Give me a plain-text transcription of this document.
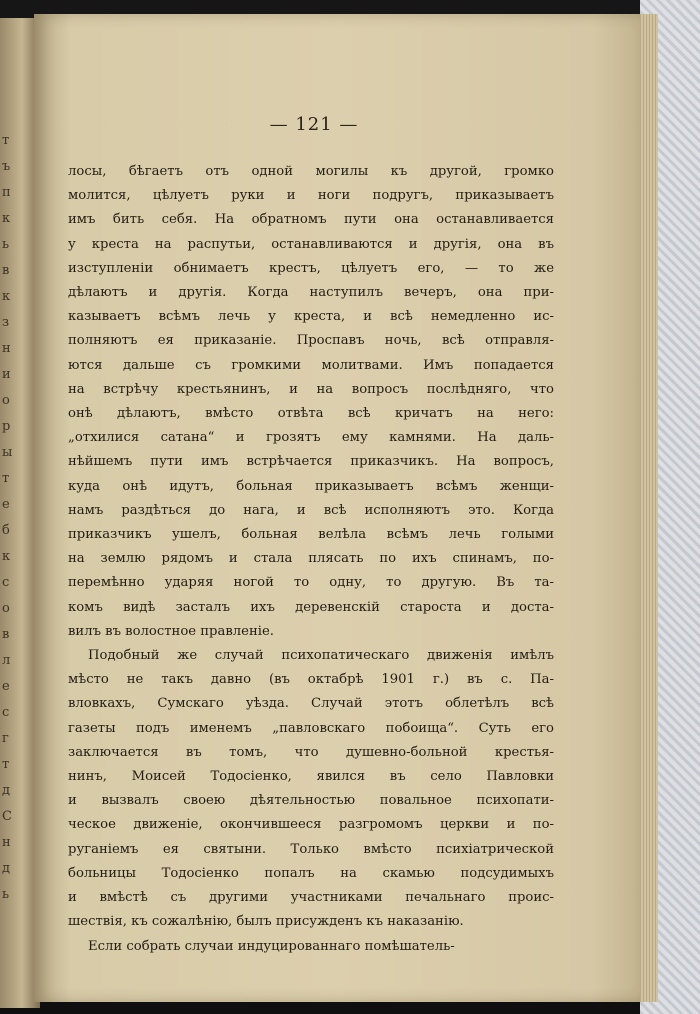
т
ъ
п
к
ь
в
к
з
н
и
о
р
ы
т
е
б
к
с
о
в
л
е
с
г
т
д
С
н
д
ь
— 121 —
лосы, бѣгаетъ отъ одной могилы къ другой, громко
молится, цѣлуетъ руки и ноги подругъ, приказываетъ
имъ бить себя. На обратномъ пути она останавливается
у креста на распутьи, останавливаются и другія, она въ
изступленіи обнимаетъ крестъ, цѣлуетъ его, — то же
дѣлаютъ и другія. Когда наступилъ вечеръ, она при-
казываетъ всѣмъ лечь у креста, и всѣ немедленно ис-
полняютъ ея приказаніе. Проспавъ ночь, всѣ отправля-
ются дальше съ громкими молитвами. Имъ попадается
на встрѣчу крестьянинъ, и на вопросъ послѣдняго, что
онѣ дѣлаютъ, вмѣсто отвѣта всѣ кричатъ на него:
„отхилися сатана“ и грозятъ ему камнями. На даль-
нѣйшемъ пути имъ встрѣчается приказчикъ. На вопросъ,
куда онѣ идутъ, больная приказываетъ всѣмъ женщи-
намъ раздѣться до нага, и всѣ исполняютъ это. Когда
приказчикъ ушелъ, больная велѣла всѣмъ лечь голыми
на землю рядомъ и стала плясать по ихъ спинамъ, по-
перемѣнно ударяя ногой то одну, то другую. Въ та-
комъ видѣ засталъ ихъ деревенскій староста и доста-
вилъ въ волостное правленіе.
Подобный же случай психопатическаго движенія имѣлъ
мѣсто не такъ давно (въ октабрѣ 1901 г.) въ с. Па-
вловкахъ, Сумскаго уѣзда. Случай этотъ облетѣлъ всѣ
газеты подъ именемъ „павловскаго побоища“. Суть его
заключается въ томъ, что душевно-больной крестья-
нинъ, Моисей Тодосіенко, явился въ село Павловки
и вызвалъ своею дѣятельностью повальное психопати-
ческое движеніе, окончившееся разгромомъ церкви и по-
руганіемъ ея святыни. Только вмѣсто психіатрической
больницы Тодосіенко попалъ на скамью подсудимыхъ
и вмѣстѣ съ другими участниками печальнаго проис-
шествія, къ сожалѣнію, былъ присужденъ къ наказанію.
Если собрать случаи индуцированнаго помѣшатель-
